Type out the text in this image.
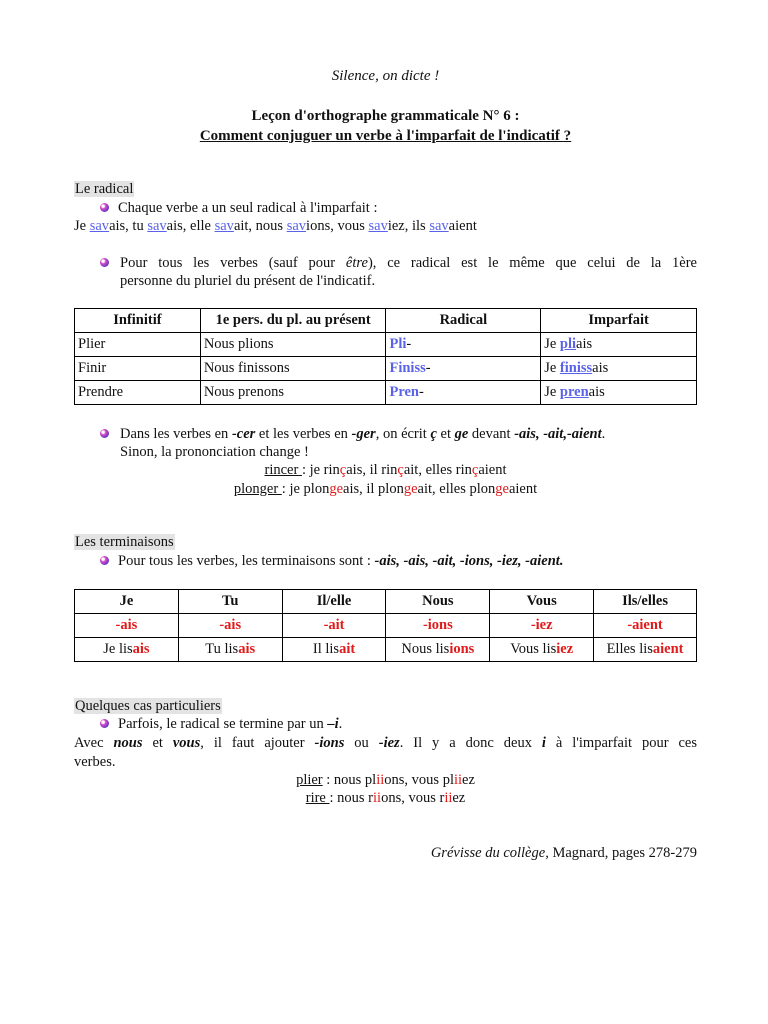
Silence, on dicte !
Leçon d'orthographe grammaticale N° 6 :
Comment conjuguer un verbe à l'imparfait de l'indicatif ?
Le radical
Chaque verbe a un seul radical à l'imparfait :
Je savais, tu savais, elle savait, nous savions, vous saviez, ils savaient
Pour tous les verbes (sauf pour être), ce radical est le même que celui de la 1ère
personne du pluriel du présent de l'indicatif.
Infinitif	1e pers. du pl. au présent	Radical	Imparfait
Plier	Nous plions	Pli-	Je pliais
Finir	Nous finissons	Finiss-	Je finissais
Prendre	Nous prenons	Pren-	Je prenais
Dans les verbes en -cer et les verbes en -ger, on écrit ç et ge devant -ais, -ait,-aient.
Sinon, la prononciation change !
rincer : je rinçais, il rinçait, elles rinçaient
plonger : je plongeais, il plongeait, elles plongeaient
Les terminaisons
Pour tous les verbes, les terminaisons sont : -ais, -ais, -ait, -ions, -iez, -aient.
Je	Tu	Il/elle	Nous	Vous	Ils/elles
-ais	-ais	-ait	-ions	-iez	-aient
Je lisais	Tu lisais	Il lisait	Nous lisions	Vous lisiez	Elles lisaient
Quelques cas particuliers
Parfois, le radical se termine par un –i.
Avec nous et vous, il faut ajouter -ions ou -iez. Il y a donc deux i à l'imparfait pour ces
verbes.
plier : nous pliions, vous pliiez
rire : nous riions, vous riiez
Grévisse du collège, Magnard, pages 278-279
